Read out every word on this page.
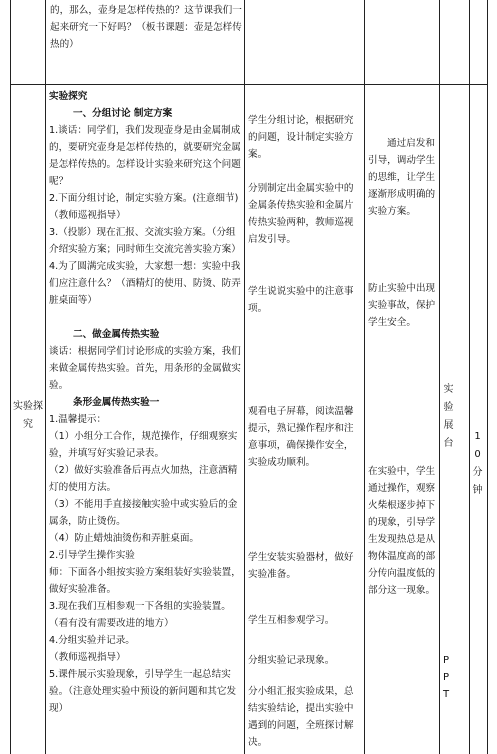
的，那么，壶身是怎样传热的？这节课我们一起来研究一下好吗？（板书课题：壶是怎样传热的）

实验探究

实验探究

一、分组讨论 制定方案

1.谈话：同学们，我们发现壶身是由金属制成的，要研究壶身是怎样传热的，就要研究金属是怎样传热的。怎样设计实验来研究这个问题呢？

2.下面分组讨论，制定实验方案。(注意细节)（教师巡视指导）

3.（投影）现在汇报、交流实验方案。（分组介绍实验方案；同时师生交流完善实验方案）

4.为了圆满完成实验，大家想一想：实验中我们应注意什么？（酒精灯的使用、防烫、防弄脏桌面等）

二、做金属传热实验

谈话：根据同学们讨论形成的实验方案，我们来做金属传热实验。首先，用条形的金属做实验。

条形金属传热实验一

1.温馨提示：

（1）小组分工合作，规范操作，仔细观察实验，并填写好实验记录表。

（2）做好实验准备后再点火加热，注意酒精灯的使用方法。

（3）不能用手直接接触实验中或实验后的金属条，防止烫伤。

（4）防止蜡烛油烫伤和弄脏桌面。

2.引导学生操作实验

师：下面各小组按实验方案组装好实验装置，做好实验准备。

3.现在我们互相参观一下各组的实验装置。（看有没有需要改进的地方）

4.分组实验并记录。

（教师巡视指导）

5.课件展示实验现象，引导学生一起总结实验。（注意处理实验中预设的新问题和其它发现）

学生分组讨论，根据研究的问题，设计制定实验方案。

分别制定出金属实验中的金属条传热实验和金属片传热实验两种，教师巡视启发引导。

学生说说实验中的注意事项。

观看电子屏幕，阅读温馨提示，熟记操作程序和注意事项，确保操作安全，实验成功顺利。

学生安装实验器材，做好实验准备。

学生互相参观学习。

分组实验记录现象。

分小组汇报实验成果，总结实验结论，提出实验中遇到的问题，全班探讨解决。

通过启发和引导，调动学生的思维，让学生逐渐形成明确的实验方案。

防止实验中出现实验事故，保护学生安全。

在实验中，学生通过操作，观察火柴根逐步掉下的现象，引导学生发现热总是从物体温度高的部分传向温度低的部分这一现象。

实验展台
PPT
10分钟
